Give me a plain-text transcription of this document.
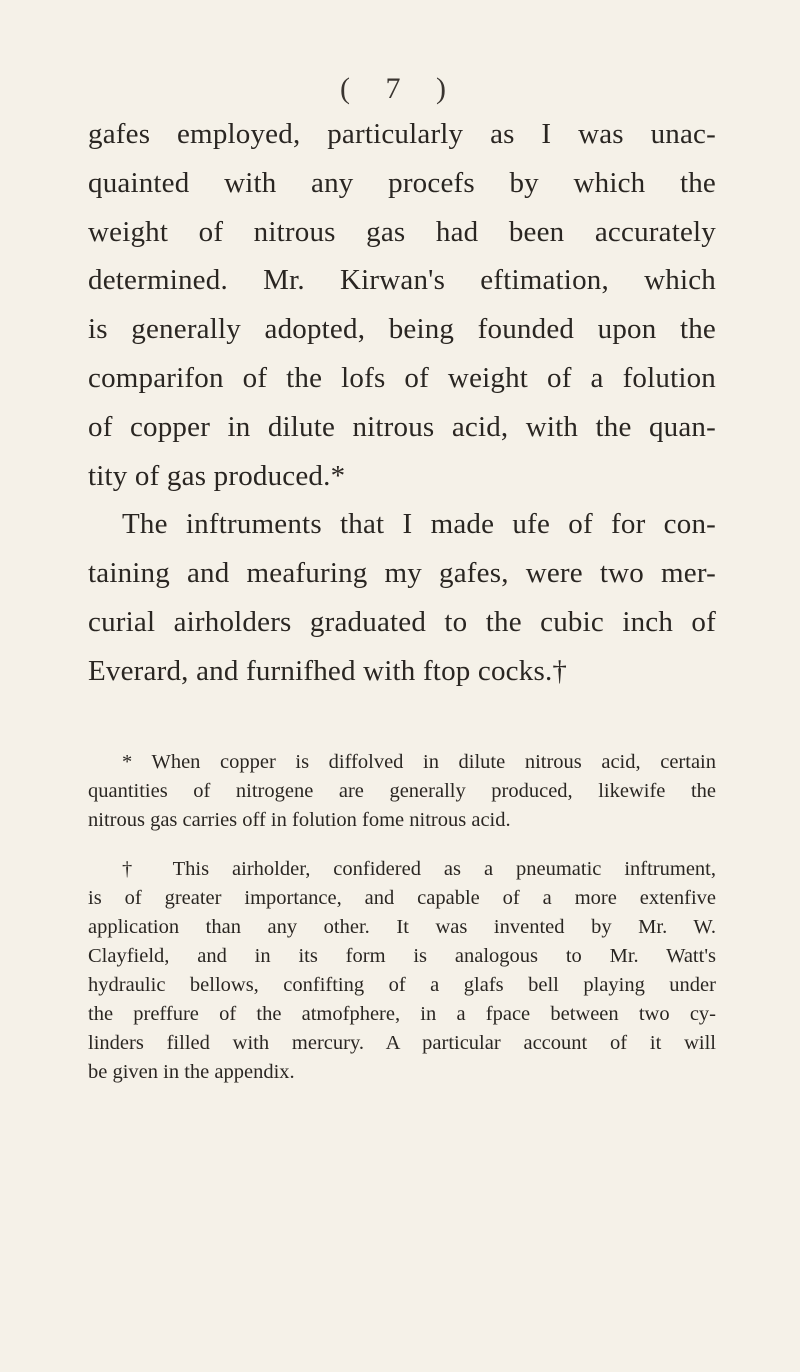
( 7 )
gafes employed, particularly as I was unac-
quainted with any procefs by which the
weight of nitrous gas had been accurately
determined. Mr. Kirwan's eftimation, which
is generally adopted, being founded upon the
comparifon of the lofs of weight of a folution
of copper in dilute nitrous acid, with the quan-
tity of gas produced.*
The inftruments that I made ufe of for con-
taining and meafuring my gafes, were two mer-
curial airholders graduated to the cubic inch of
Everard, and furnifhed with ftop cocks.†
* When copper is diffolved in dilute nitrous acid, certain
quantities of nitrogene are generally produced, likewife the
nitrous gas carries off in folution fome nitrous acid.
† This airholder, confidered as a pneumatic inftrument,
is of greater importance, and capable of a more extenfive
application than any other. It was invented by Mr. W.
Clayfield, and in its form is analogous to Mr. Watt's
hydraulic bellows, confifting of a glafs bell playing under
the preffure of the atmofphere, in a fpace between two cy-
linders filled with mercury. A particular account of it will
be given in the appendix.
